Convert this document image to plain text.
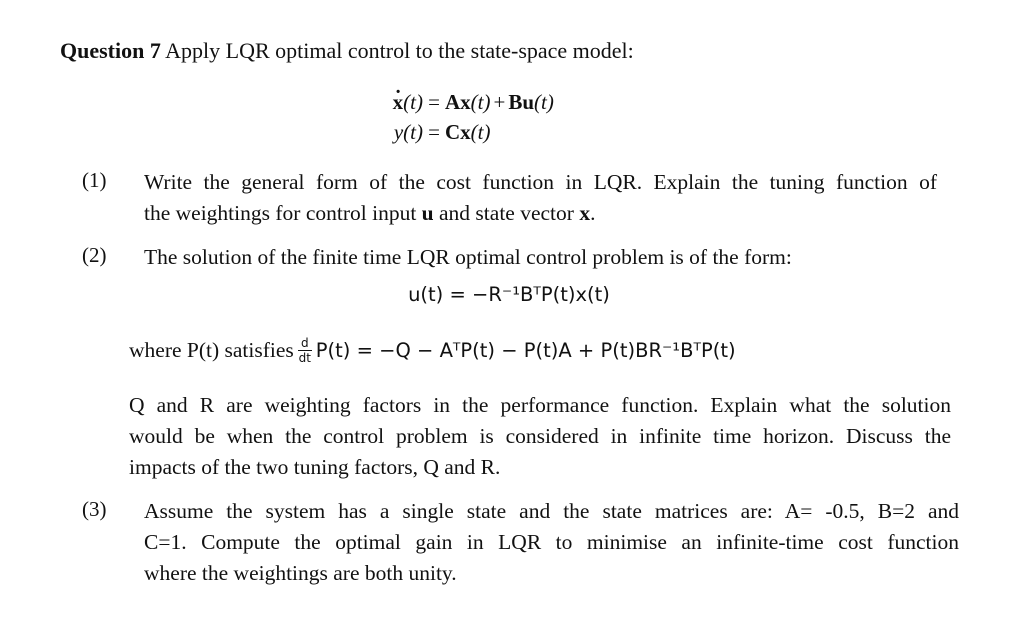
Question 7 Apply LQR optimal control to the state-space model:
x .(t) = A x (t) + B u (t)
y(t) = C x (t)
(1) Write the general form of the cost function in LQR. Explain the tuning function of
the weightings for control input u and state vector x.
(2) The solution of the finite time LQR optimal control problem is of the form:
u(t) = −R⁻¹BᵀP(t)x(t)
where P(t) satisfies $\frac{d}{dt} P(t) = -Q$ − AᵀP(t) − P(t)A + P(t)BR⁻¹BᵀP(t)
Q and R are weighting factors in the performance function. Explain what the solution
would be when the control problem is considered in infinite time horizon. Discuss the
impacts of the two tuning factors, Q and R.
(3) Assume the system has a single state and the state matrices are: A= -0.5, B=2 and
C=1. Compute the optimal gain in LQR to minimise an infinite-time cost function
where the weightings are both unity.
